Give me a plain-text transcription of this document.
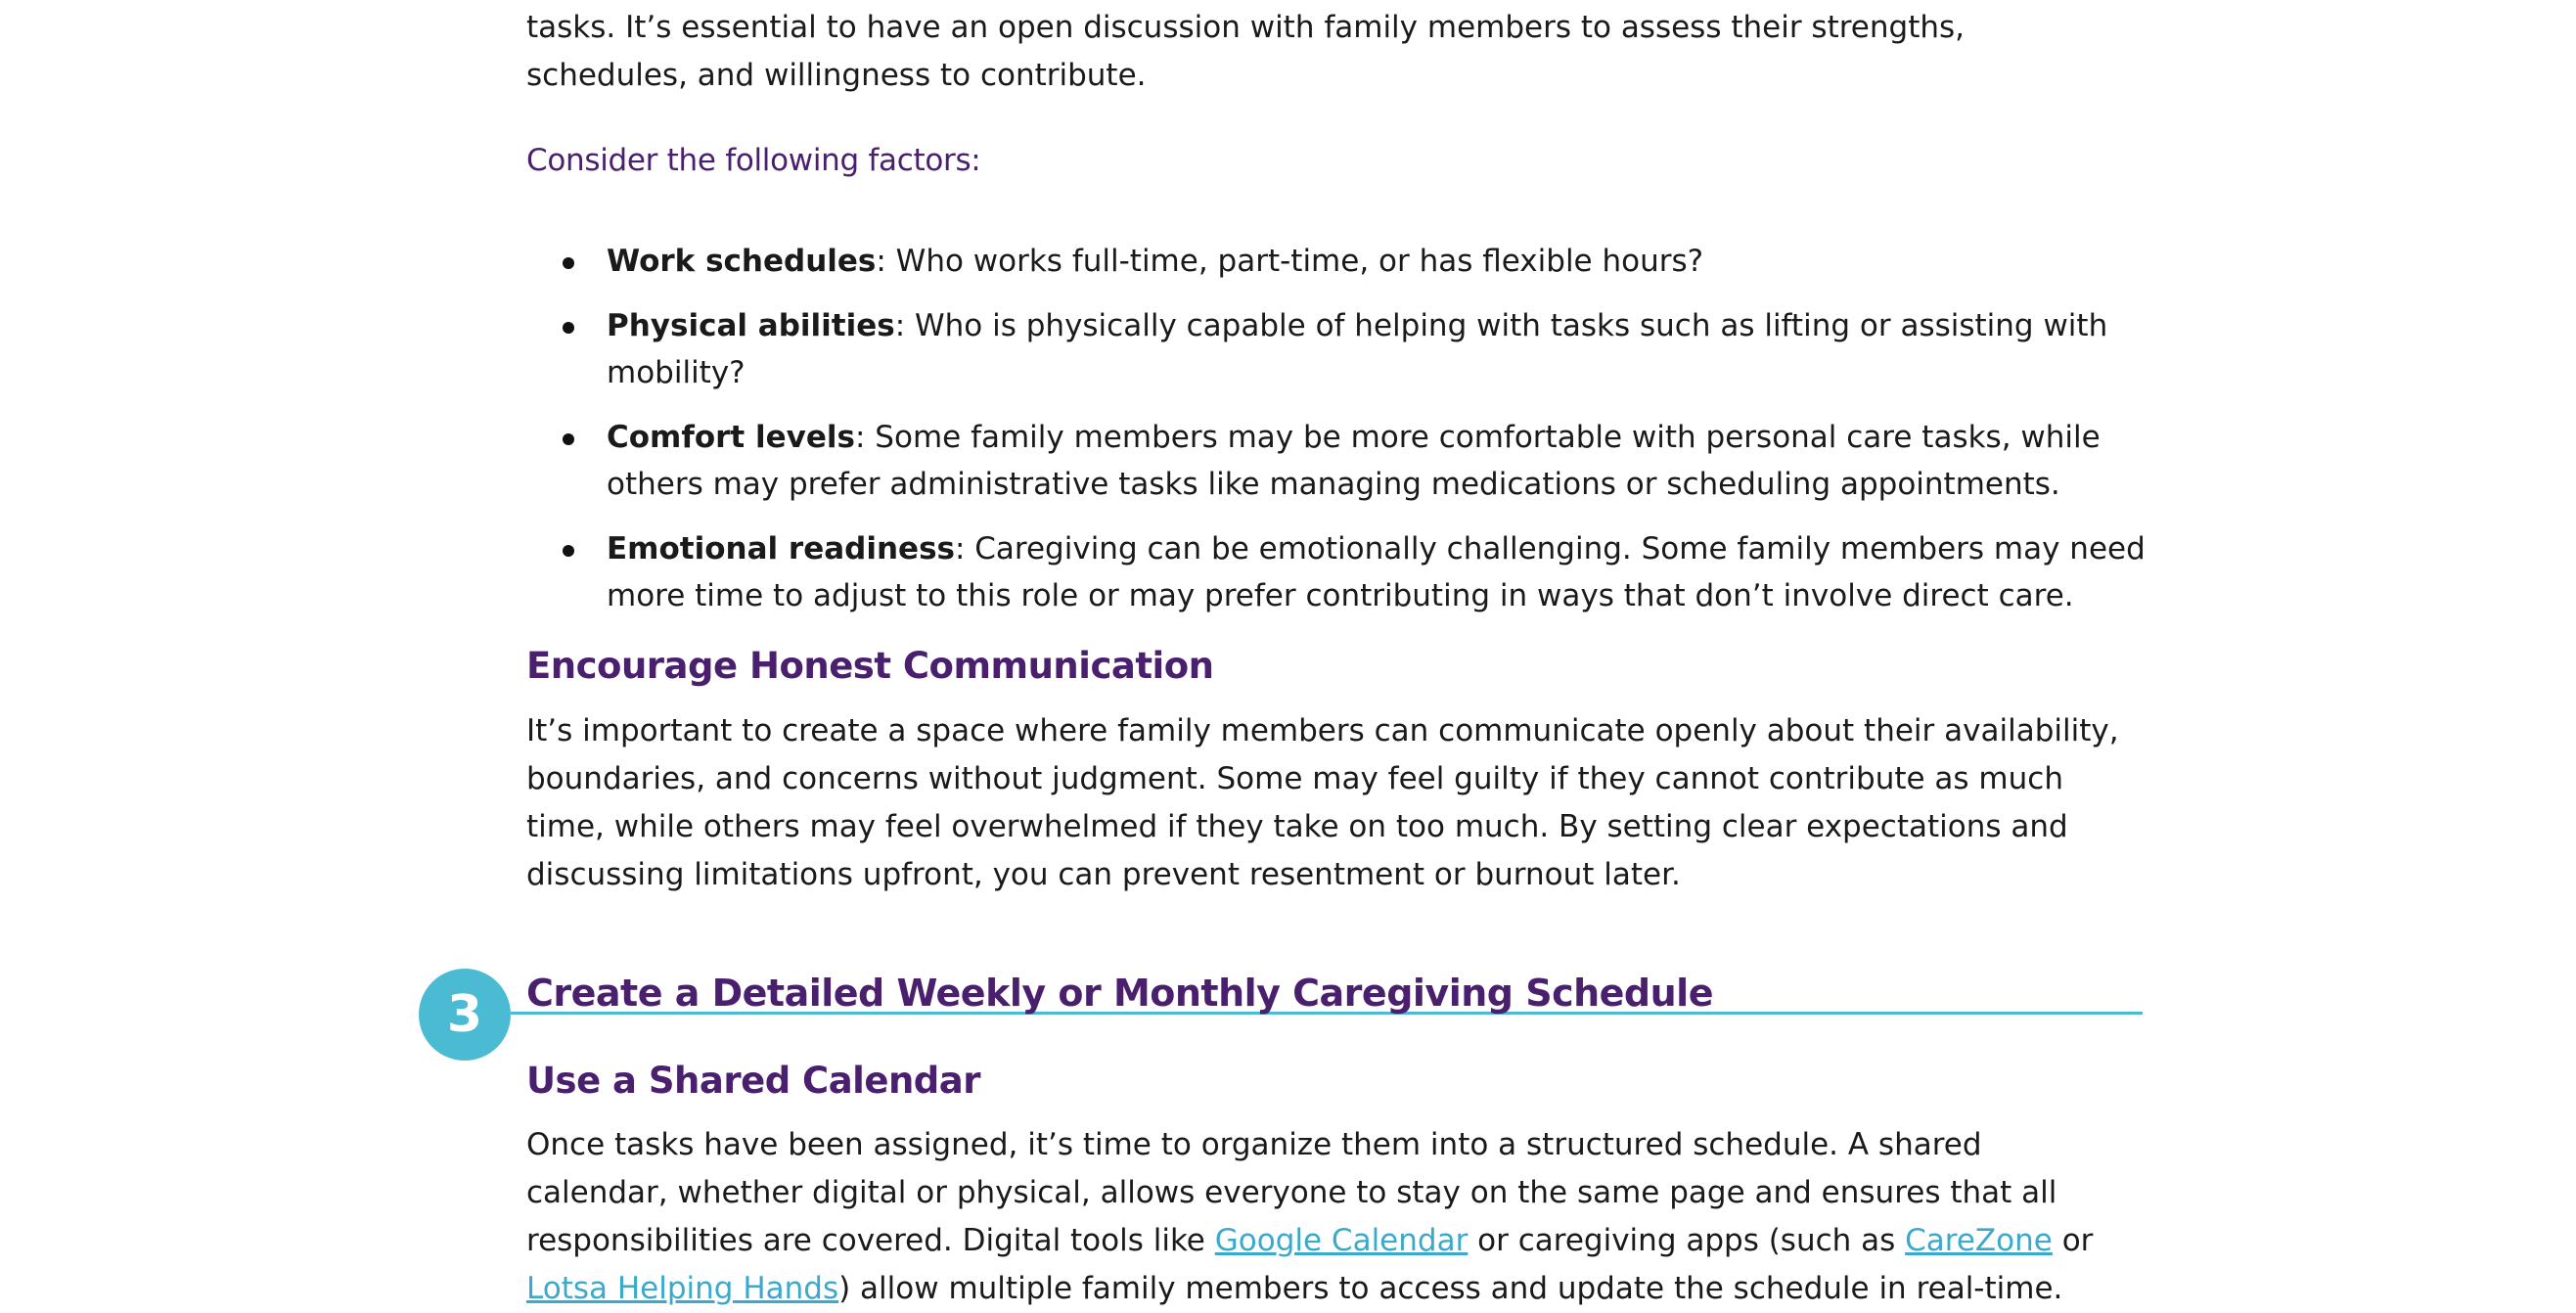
tasks. It’s essential to have an open discussion with family members to assess their strengths, schedules, and willingness to contribute.

Consider the following factors:

Work schedules: Who works full-time, part-time, or has flexible hours?
Physical abilities: Who is physically capable of helping with tasks such as lifting or assisting with mobility?
Comfort levels: Some family members may be more comfortable with personal care tasks, while others may prefer administrative tasks like managing medications or scheduling appointments.
Emotional readiness: Caregiving can be emotionally challenging. Some family members may need more time to adjust to this role or may prefer contributing in ways that don’t involve direct care.
Encourage Honest Communication

It’s important to create a space where family members can communicate openly about their availability, boundaries, and concerns without judgment. Some may feel guilty if they cannot contribute as much time, while others may feel overwhelmed if they take on too much. By setting clear expectations and discussing limitations upfront, you can prevent resentment or burnout later.

3	Create a Detailed Weekly or Monthly Caregiving Schedule
Use a Shared Calendar

Once tasks have been assigned, it’s time to organize them into a structured schedule. A shared calendar, whether digital or physical, allows everyone to stay on the same page and ensures that all responsibilities are covered. Digital tools like Google Calendar or caregiving apps (such as CareZone or Lotsa Helping Hands) allow multiple family members to access and update the schedule in real-time.
